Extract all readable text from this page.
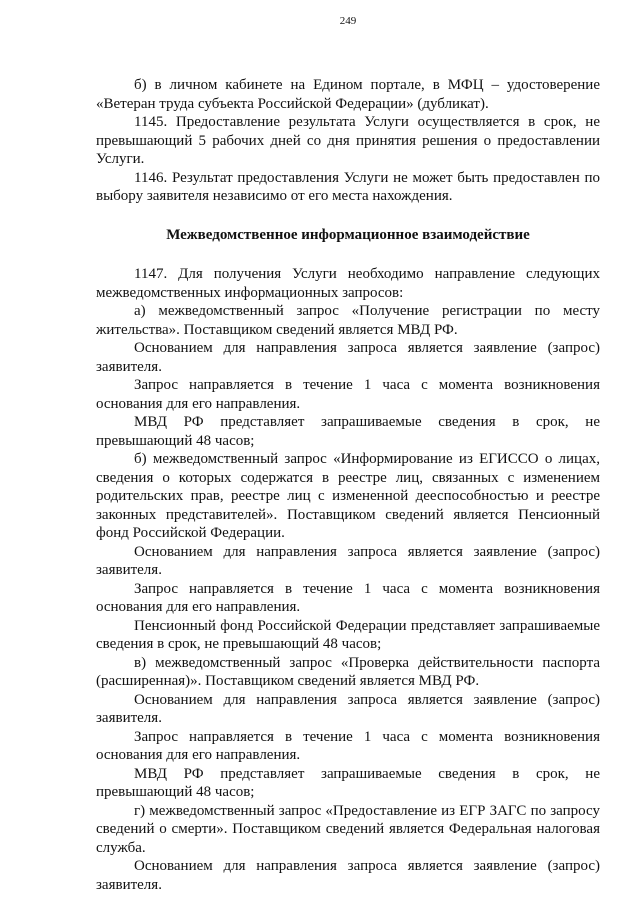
249

б) в личном кабинете на Едином портале, в МФЦ – удостоверение «Ветеран труда субъекта Российской Федерации» (дубликат).

1145. Предоставление результата Услуги осуществляется в срок, не превышающий 5 рабочих дней со дня принятия решения о предоставлении Услуги.

1146. Результат предоставления Услуги не может быть предоставлен по выбору заявителя независимо от его места нахождения.

Межведомственное информационное взаимодействие

1147. Для получения Услуги необходимо направление следующих межведомственных информационных запросов:

а) межведомственный запрос «Получение регистрации по месту жительства». Поставщиком сведений является МВД РФ.

Основанием для направления запроса является заявление (запрос) заявителя.

Запрос направляется в течение 1 часа с момента возникновения основания для его направления.

МВД РФ представляет запрашиваемые сведения в срок, не превышающий 48 часов;

б) межведомственный запрос «Информирование из ЕГИССО о лицах, сведения о которых содержатся в реестре лиц, связанных с изменением родительских прав, реестре лиц с измененной дееспособностью и реестре законных представителей». Поставщиком сведений является Пенсионный фонд Российской Федерации.

Основанием для направления запроса является заявление (запрос) заявителя.

Запрос направляется в течение 1 часа с момента возникновения основания для его направления.

Пенсионный фонд Российской Федерации представляет запрашиваемые сведения в срок, не превышающий 48 часов;

в) межведомственный запрос «Проверка действительности паспорта (расширенная)». Поставщиком сведений является МВД РФ.

Основанием для направления запроса является заявление (запрос) заявителя.

Запрос направляется в течение 1 часа с момента возникновения основания для его направления.

МВД РФ представляет запрашиваемые сведения в срок, не превышающий 48 часов;

г) межведомственный запрос «Предоставление из ЕГР ЗАГС по запросу сведений о смерти». Поставщиком сведений является Федеральная налоговая служба.

Основанием для направления запроса является заявление (запрос) заявителя.
